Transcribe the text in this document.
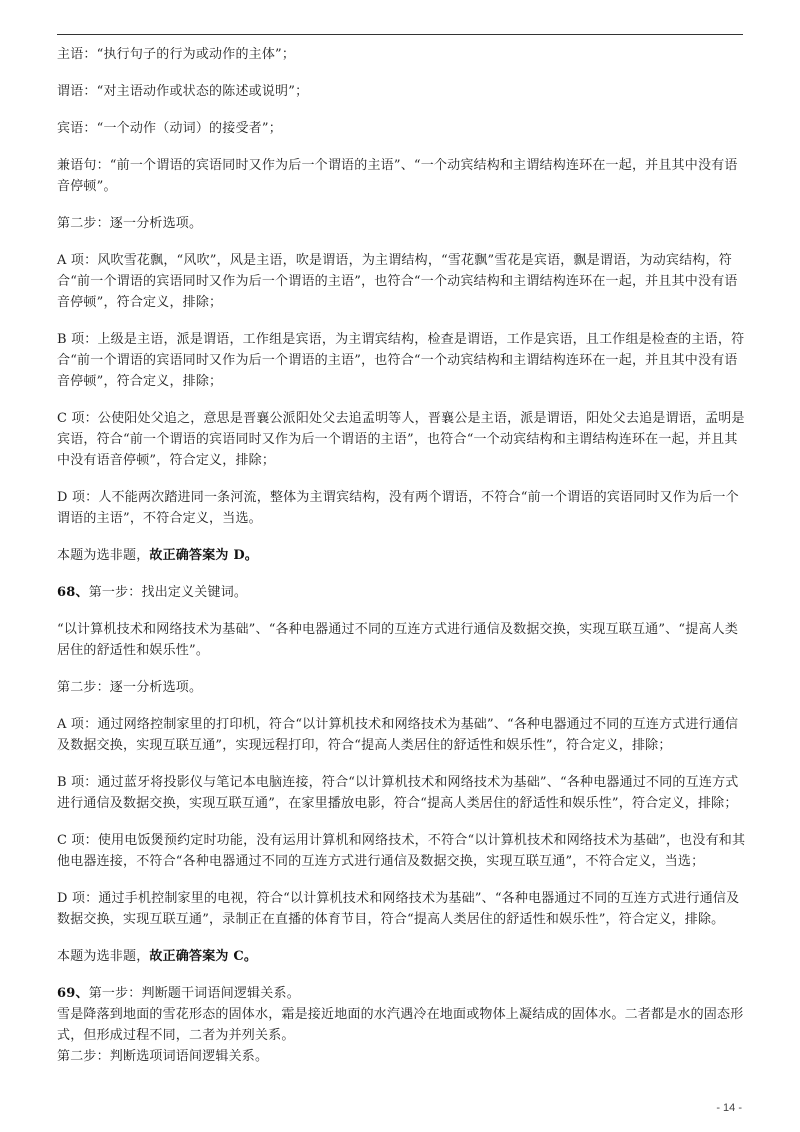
主语：“执行句子的行为或动作的主体”；

谓语：“对主语动作或状态的陈述或说明”；

宾语：“一个动作（动词）的接受者”；

兼语句：“前一个谓语的宾语同时又作为后一个谓语的主语”、“一个动宾结构和主谓结构连环在一起，并且其中没有语音停顿”。

第二步：逐一分析选项。

A 项：风吹雪花飘，“风吹”，风是主语，吹是谓语，为主谓结构，“雪花飘”雪花是宾语，飘是谓语，为动宾结构，符合“前一个谓语的宾语同时又作为后一个谓语的主语”，也符合“一个动宾结构和主谓结构连环在一起，并且其中没有语音停顿”，符合定义，排除；

B 项：上级是主语，派是谓语，工作组是宾语，为主谓宾结构，检查是谓语，工作是宾语，且工作组是检查的主语，符合“前一个谓语的宾语同时又作为后一个谓语的主语”，也符合“一个动宾结构和主谓结构连环在一起，并且其中没有语音停顿”，符合定义，排除；

C 项：公使阳处父追之，意思是晋襄公派阳处父去追孟明等人，晋襄公是主语，派是谓语，阳处父去追是谓语，孟明是宾语，符合“前一个谓语的宾语同时又作为后一个谓语的主语”，也符合“一个动宾结构和主谓结构连环在一起，并且其中没有语音停顿”，符合定义，排除；

D 项：人不能两次踏进同一条河流，整体为主谓宾结构，没有两个谓语，不符合“前一个谓语的宾语同时又作为后一个谓语的主语”，不符合定义，当选。

本题为选非题，故正确答案为 D。

68、第一步：找出定义关键词。

“以计算机技术和网络技术为基础”、“各种电器通过不同的互连方式进行通信及数据交换，实现互联互通”、“提高人类居住的舒适性和娱乐性”。

第二步：逐一分析选项。

A 项：通过网络控制家里的打印机，符合“以计算机技术和网络技术为基础”、“各种电器通过不同的互连方式进行通信及数据交换，实现互联互通”，实现远程打印，符合“提高人类居住的舒适性和娱乐性”，符合定义，排除；

B 项：通过蓝牙将投影仪与笔记本电脑连接，符合“以计算机技术和网络技术为基础”、“各种电器通过不同的互连方式进行通信及数据交换，实现互联互通”，在家里播放电影，符合“提高人类居住的舒适性和娱乐性”，符合定义，排除；

C 项：使用电饭煲预约定时功能，没有运用计算机和网络技术，不符合“以计算机技术和网络技术为基础”，也没有和其他电器连接，不符合“各种电器通过不同的互连方式进行通信及数据交换，实现互联互通”，不符合定义，当选；

D 项：通过手机控制家里的电视，符合“以计算机技术和网络技术为基础”、“各种电器通过不同的互连方式进行通信及数据交换，实现互联互通”，录制正在直播的体育节目，符合“提高人类居住的舒适性和娱乐性”，符合定义，排除。

本题为选非题，故正确答案为 C。

69、第一步：判断题干词语间逻辑关系。

雪是降落到地面的雪花形态的固体水，霜是接近地面的水汽遇冷在地面或物体上凝结成的固体水。二者都是水的固态形式，但形成过程不同，二者为并列关系。

第二步：判断选项词语间逻辑关系。

- 14 -
